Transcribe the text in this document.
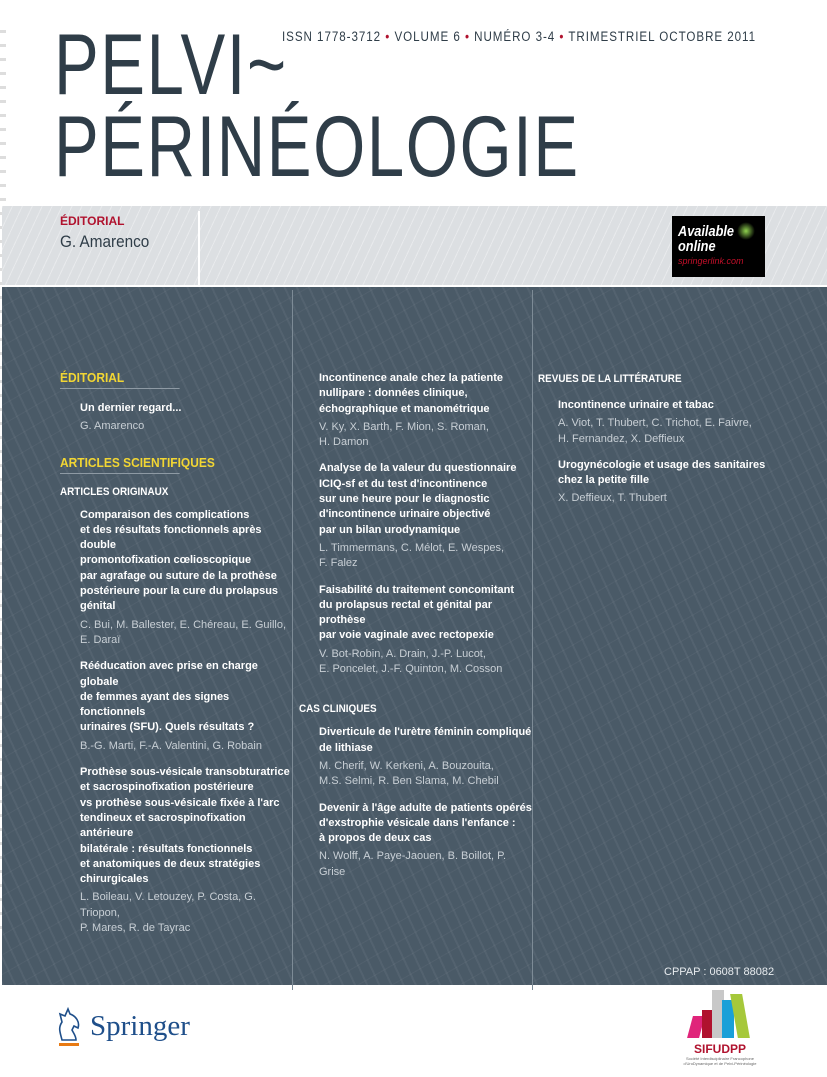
ISSN 1778-3712 • VOLUME 6 • NUMÉRO 3-4 • TRIMESTRIEL OCTOBRE 2011
PELVI~
PÉRINÉOLOGIE
ÉDITORIAL
G. Amarenco
Available
online
springerlink.com
ÉDITORIAL
Un dernier regard...
G. Amarenco
ARTICLES SCIENTIFIQUES
ARTICLES ORIGINAUX
Comparaison des complications
et des résultats fonctionnels après double
promontofixation cœlioscopique
par agrafage ou suture de la prothèse
postérieure pour la cure du prolapsus
génital
C. Bui, M. Ballester, E. Chéreau, E. Guillo,
E. Daraï
Rééducation avec prise en charge globale
de femmes ayant des signes fonctionnels
urinaires (SFU). Quels résultats ?
B.-G. Marti, F.-A. Valentini, G. Robain
Prothèse sous-vésicale transobturatrice
et sacrospinofixation postérieure
vs prothèse sous-vésicale fixée à l'arc
tendineux et sacrospinofixation antérieure
bilatérale : résultats fonctionnels
et anatomiques de deux stratégies
chirurgicales
L. Boileau, V. Letouzey, P. Costa, G. Triopon,
P. Mares, R. de Tayrac
Incontinence anale chez la patiente
nullipare : données clinique,
échographique et manométrique
V. Ky, X. Barth, F. Mion, S. Roman,
H. Damon
Analyse de la valeur du questionnaire
ICIQ-sf et du test d'incontinence
sur une heure pour le diagnostic
d'incontinence urinaire objectivé
par un bilan urodynamique
L. Timmermans, C. Mélot, E. Wespes,
F. Falez
Faisabilité du traitement concomitant
du prolapsus rectal et génital par prothèse
par voie vaginale avec rectopexie
V. Bot-Robin, A. Drain, J.-P. Lucot,
E. Poncelet, J.-F. Quinton, M. Cosson
CAS CLINIQUES
Diverticule de l'urètre féminin compliqué
de lithiase
M. Cherif, W. Kerkeni, A. Bouzouita,
M.S. Selmi, R. Ben Slama, M. Chebil
Devenir à l'âge adulte de patients opérés
d'exstrophie vésicale dans l'enfance :
à propos de deux cas
N. Wolff, A. Paye-Jaouen, B. Boillot, P. Grise
REVUES DE LA LITTÉRATURE
Incontinence urinaire et tabac
A. Viot, T. Thubert, C. Trichot, E. Faivre,
H. Fernandez, X. Deffieux
Urogynécologie et usage des sanitaires
chez la petite fille
X. Deffieux, T. Thubert
CPPAP : 0608T 88082
Springer
SIFUDPP
Société Interdisciplinaire Francophone d'UroDynamique et de Pelvi-Périnéologie
